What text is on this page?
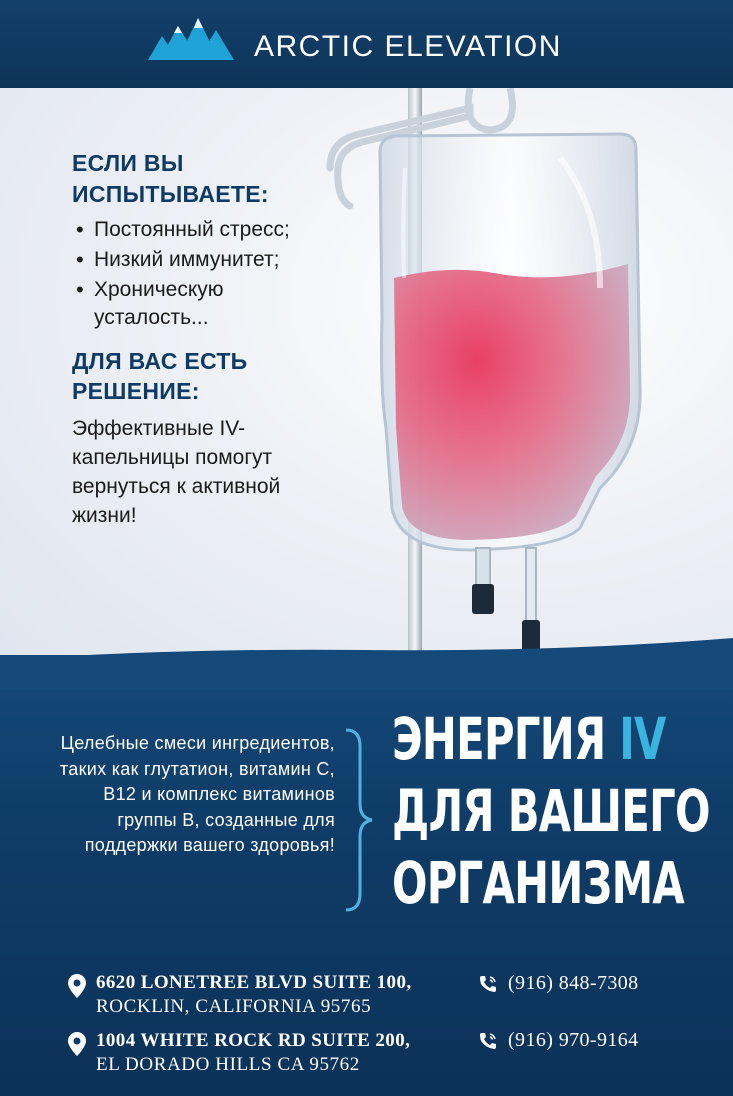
ARCTIC ELEVATION
ЕСЛИ ВЫ
ИСПЫТЫВАЕТЕ:
• Постоянный стресс;
• Низкий иммунитет;
• Хроническую усталость...
ДЛЯ ВАС ЕСТЬ
РЕШЕНИЕ:
Эффективные IV-капельницы помогут вернуться к активной жизни!
Целебные смеси ингредиентов, таких как глутатион, витамин С, В12 и комплекс витаминов группы В, созданные для поддержки вашего здоровья!
ЭНЕРГИЯ IV
ДЛЯ ВАШЕГО
ОРГАНИЗМА
6620 LONETREE BLVD SUITE 100,
ROCKLIN, CALIFORNIA 95765
(916) 848-7308
1004 WHITE ROCK RD SUITE 200,
EL DORADO HILLS CA 95762
(916) 970-9164
